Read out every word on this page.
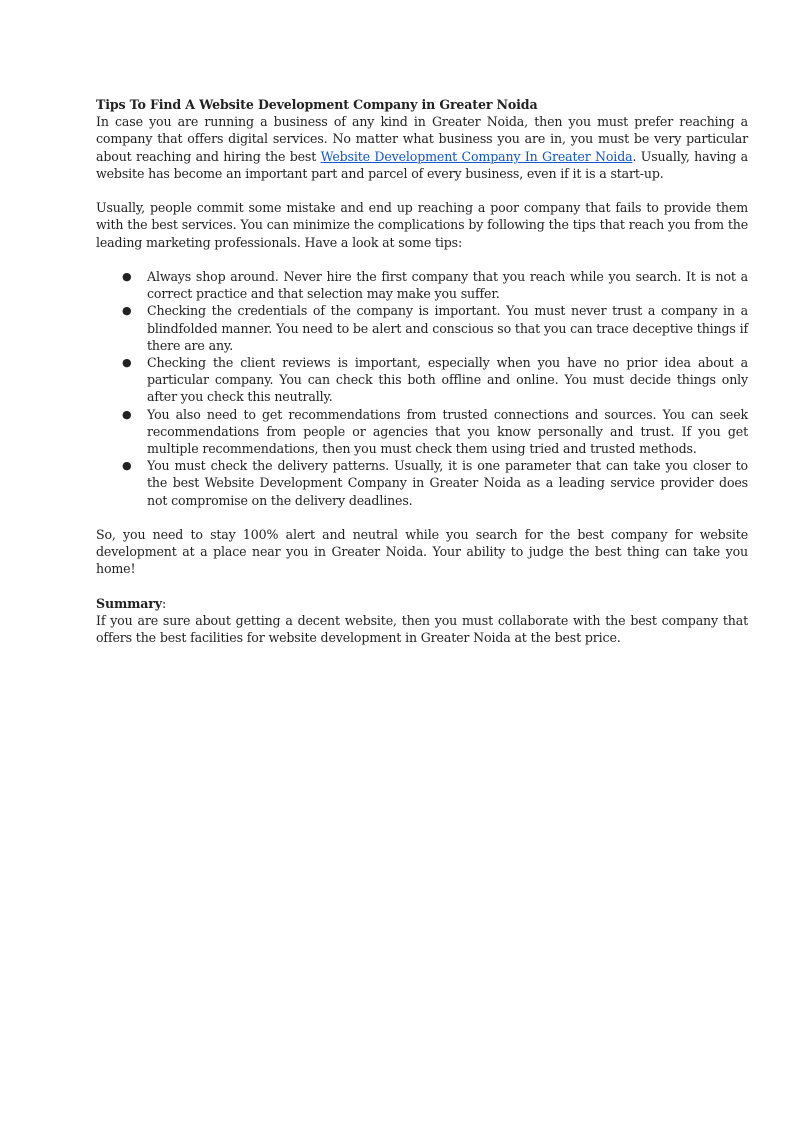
Tips To Find A Website Development Company in Greater Noida

In case you are running a business of any kind in Greater Noida, then you must prefer reaching a company that offers digital services. No matter what business you are in, you must be very particular about reaching and hiring the best Website Development Company In Greater Noida. Usually, having a website has become an important part and parcel of every business, even if it is a start-up.

Usually, people commit some mistake and end up reaching a poor company that fails to provide them with the best services. You can minimize the complications by following the tips that reach you from the leading marketing professionals. Have a look at some tips:

● Always shop around. Never hire the first company that you reach while you search. It is not a correct practice and that selection may make you suffer.
● Checking the credentials of the company is important. You must never trust a company in a blindfolded manner. You need to be alert and conscious so that you can trace deceptive things if there are any.
● Checking the client reviews is important, especially when you have no prior idea about a particular company. You can check this both offline and online. You must decide things only after you check this neutrally.
● You also need to get recommendations from trusted connections and sources. You can seek recommendations from people or agencies that you know personally and trust. If you get multiple recommendations, then you must check them using tried and trusted methods.
● You must check the delivery patterns. Usually, it is one parameter that can take you closer to the best Website Development Company in Greater Noida as a leading service provider does not compromise on the delivery deadlines.

So, you need to stay 100% alert and neutral while you search for the best company for website development at a place near you in Greater Noida. Your ability to judge the best thing can take you home!

Summary:

If you are sure about getting a decent website, then you must collaborate with the best company that offers the best facilities for website development in Greater Noida at the best price.
